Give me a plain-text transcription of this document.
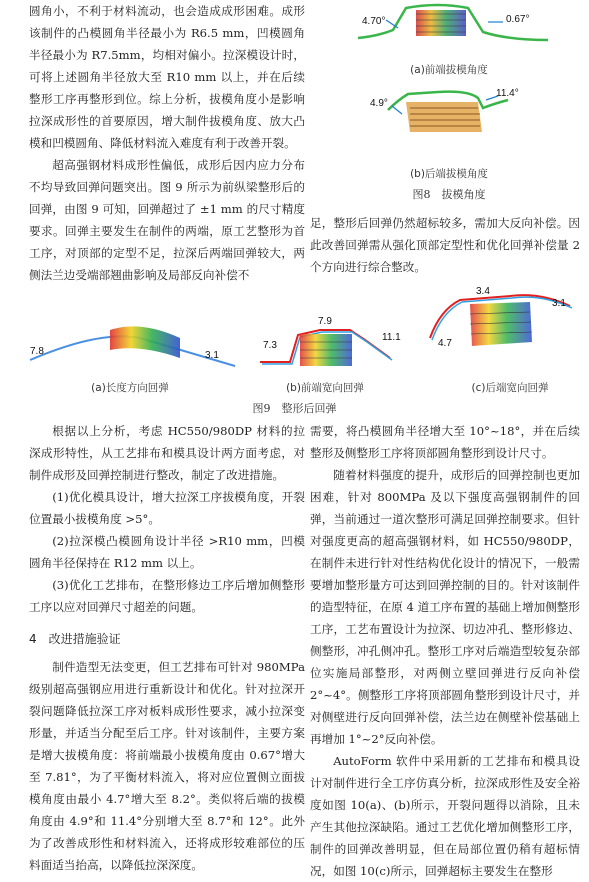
圆角小，不利于材料流动，也会造成成形困难。成形该制件的凸模圆角半径最小为 R6.5 mm，凹模圆角半径最小为 R7.5mm，均相对偏小。拉深模设计时，可将上述圆角半径放大至 R10 mm 以上，并在后续整形工序再整形到位。综上分析，拔模角度小是影响拉深成形性的首要原因，增大制件拔模角度、放大凸模和凹模圆角、降低材料流入难度有利于改善开裂。

超高强钢材料成形性偏低，成形后因内应力分布不均导致回弹问题突出。图 9 所示为前纵梁整形后的回弹，由图 9 可知，回弹超过了 ±1 mm 的尺寸精度要求。回弹主要发生在制件的两端，原工艺整形为首工序，对顶部的定型不足，拉深后两端回弹较大，两侧法兰边受端部翘曲影响及局部反向补偿不

4.70°	0.67°
(a)前端拔模角度
4.9°
11.4°
(b)后端拔模角度
图8　拔模角度

足，整形后回弹仍然超标较多，需加大反向补偿。因此改善回弹需从强化顶部定型性和优化回弹补偿量 2 个方向进行综合整改。

7.8	3.1
(a)长度方向回弹
7.3
7.9
11.1
(b)前端宽向回弹
4.7
3.4
3.1
(c)后端宽向回弹
图9　整形后回弹

根据以上分析，考虑 HC550/980DP 材料的拉深成形特性，从工艺排布和模具设计两方面考虑，对制件成形及回弹控制进行整改，制定了改进措施。

(1)优化模具设计，增大拉深工序拔模角度，开裂位置最小拔模角度 >5°。

(2)拉深模凸模圆角设计半径 >R10 mm，凹模圆角半径保持在 R12 mm 以上。

(3)优化工艺排布，在整形修边工序后增加侧整形工序以应对回弹尺寸超差的问题。

4　改进措施验证

制件造型无法变更，但工艺排布可针对 980MPa 级别超高强钢应用进行重新设计和优化。针对拉深开裂问题降低拉深工序对板料成形性要求，减小拉深变形量，并适当分配至后工序。针对该制件，主要方案是增大拔模角度：将前端最小拔模角度由 0.67°增大至 7.81°，为了平衡材料流入，将对应位置侧立面拔模角度由最小 4.7°增大至 8.2°。类似将后端的拔模角度由 4.9°和 11.4°分别增大至 8.7°和 12°。此外为了改善成形性和材料流入，还将成形较难部位的压料面适当抬高，以降低拉深深度。

需要，将凸模圆角半径增大至 10°~18°，并在后续整形及侧整形工序将顶部圆角整形到设计尺寸。

随着材料强度的提升，成形后的回弹控制也更加困难，针对 800MPa 及以下强度高强钢制件的回弹，当前通过一道次整形可满足回弹控制要求。但针对强度更高的超高强钢材料，如 HC550/980DP，在制件未进行针对性结构优化设计的情况下，一般需要增加整形量方可达到回弹控制的目的。针对该制件的造型特征，在原 4 道工序布置的基础上增加侧整形工序，工艺布置设计为拉深、切边冲孔、整形修边、侧整形，冲孔侧冲孔。整形工序对后端造型较复杂部位实施局部整形，对两侧立壁回弹进行反向补偿 2°~4°。侧整形工序将顶部圆角整形到设计尺寸，并对侧壁进行反向回弹补偿，法兰边在侧壁补偿基础上再增加 1°~2°反向补偿。

AutoForm 软件中采用新的工艺排布和模具设计对制件进行全工序仿真分析，拉深成形性及安全裕度如图 10(a)、(b)所示，开裂问题得以消除，且未产生其他拉深缺陷。通过工艺优化增加侧整形工序，制件的回弹改善明显，但在局部位置仍稍有超标情况，如图 10(c)所示，回弹超标主要发生在整形
